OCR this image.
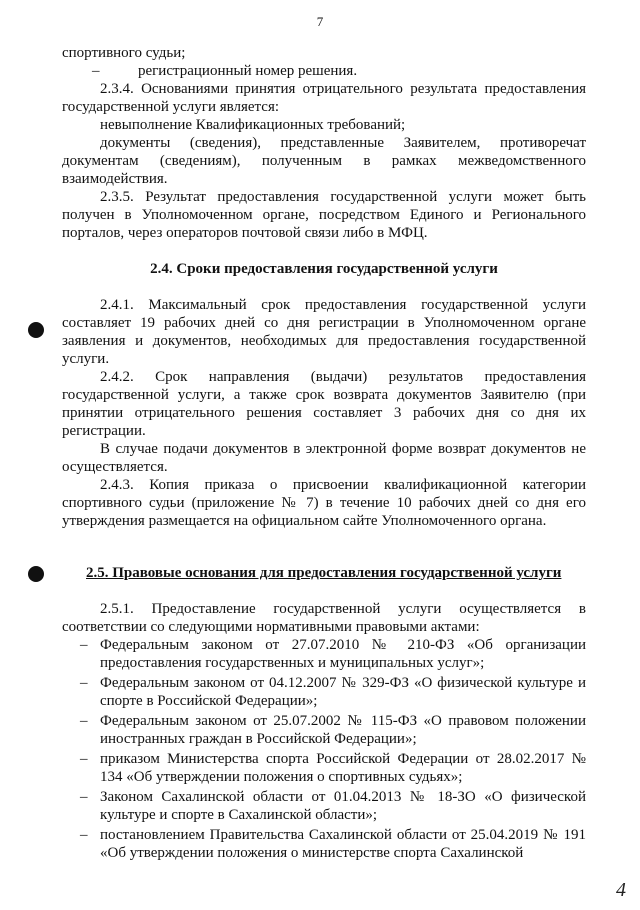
7

спортивного судьи;

–	регистрационный номер решения.

2.3.4. Основаниями принятия отрицательного результата предоставления государственной услуги является:

невыполнение Квалификационных требований;

документы (сведения), представленные Заявителем, противоречат документам (сведениям), полученным в рамках межведомственного взаимодействия.

2.3.5. Результат предоставления государственной услуги может быть получен в Уполномоченном органе, посредством Единого и Регионального порталов, через операторов почтовой связи либо в МФЦ.

2.4. Сроки предоставления государственной услуги

2.4.1. Максимальный срок предоставления государственной услуги составляет 19 рабочих дней со дня регистрации в Уполномоченном органе заявления и документов, необходимых для предоставления государственной услуги.

2.4.2. Срок направления (выдачи) результатов предоставления государственной услуги, а также срок возврата документов Заявителю (при принятии отрицательного решения составляет 3 рабочих дня со дня их регистрации.

В случае подачи документов в электронной форме возврат документов не осуществляется.

2.4.3. Копия приказа о присвоении квалификационной категории спортивного судьи (приложение № 7) в течение 10 рабочих дней со дня его утверждения размещается на официальном сайте Уполномоченного органа.

2.5. Правовые основания для предоставления государственной услуги

2.5.1. Предоставление государственной услуги осуществляется в соответствии со следующими нормативными правовыми актами:

– Федеральным законом от 27.07.2010 № 210-ФЗ «Об организации предоставления государственных и муниципальных услуг»;
– Федеральным законом от 04.12.2007 № 329-ФЗ «О физической культуре и спорте в Российской Федерации»;
– Федеральным законом от 25.07.2002 № 115-ФЗ «О правовом положении иностранных граждан в Российской Федерации»;
– приказом Министерства спорта Российской Федерации от 28.02.2017 № 134 «Об утверждении положения о спортивных судьях»;
– Законом Сахалинской области от 01.04.2013 № 18-ЗО «О физической культуре и спорте в Сахалинской области»;
– постановлением Правительства Сахалинской области от 25.04.2019 № 191 «Об утверждении положения о министерстве спорта Сахалинской
4
